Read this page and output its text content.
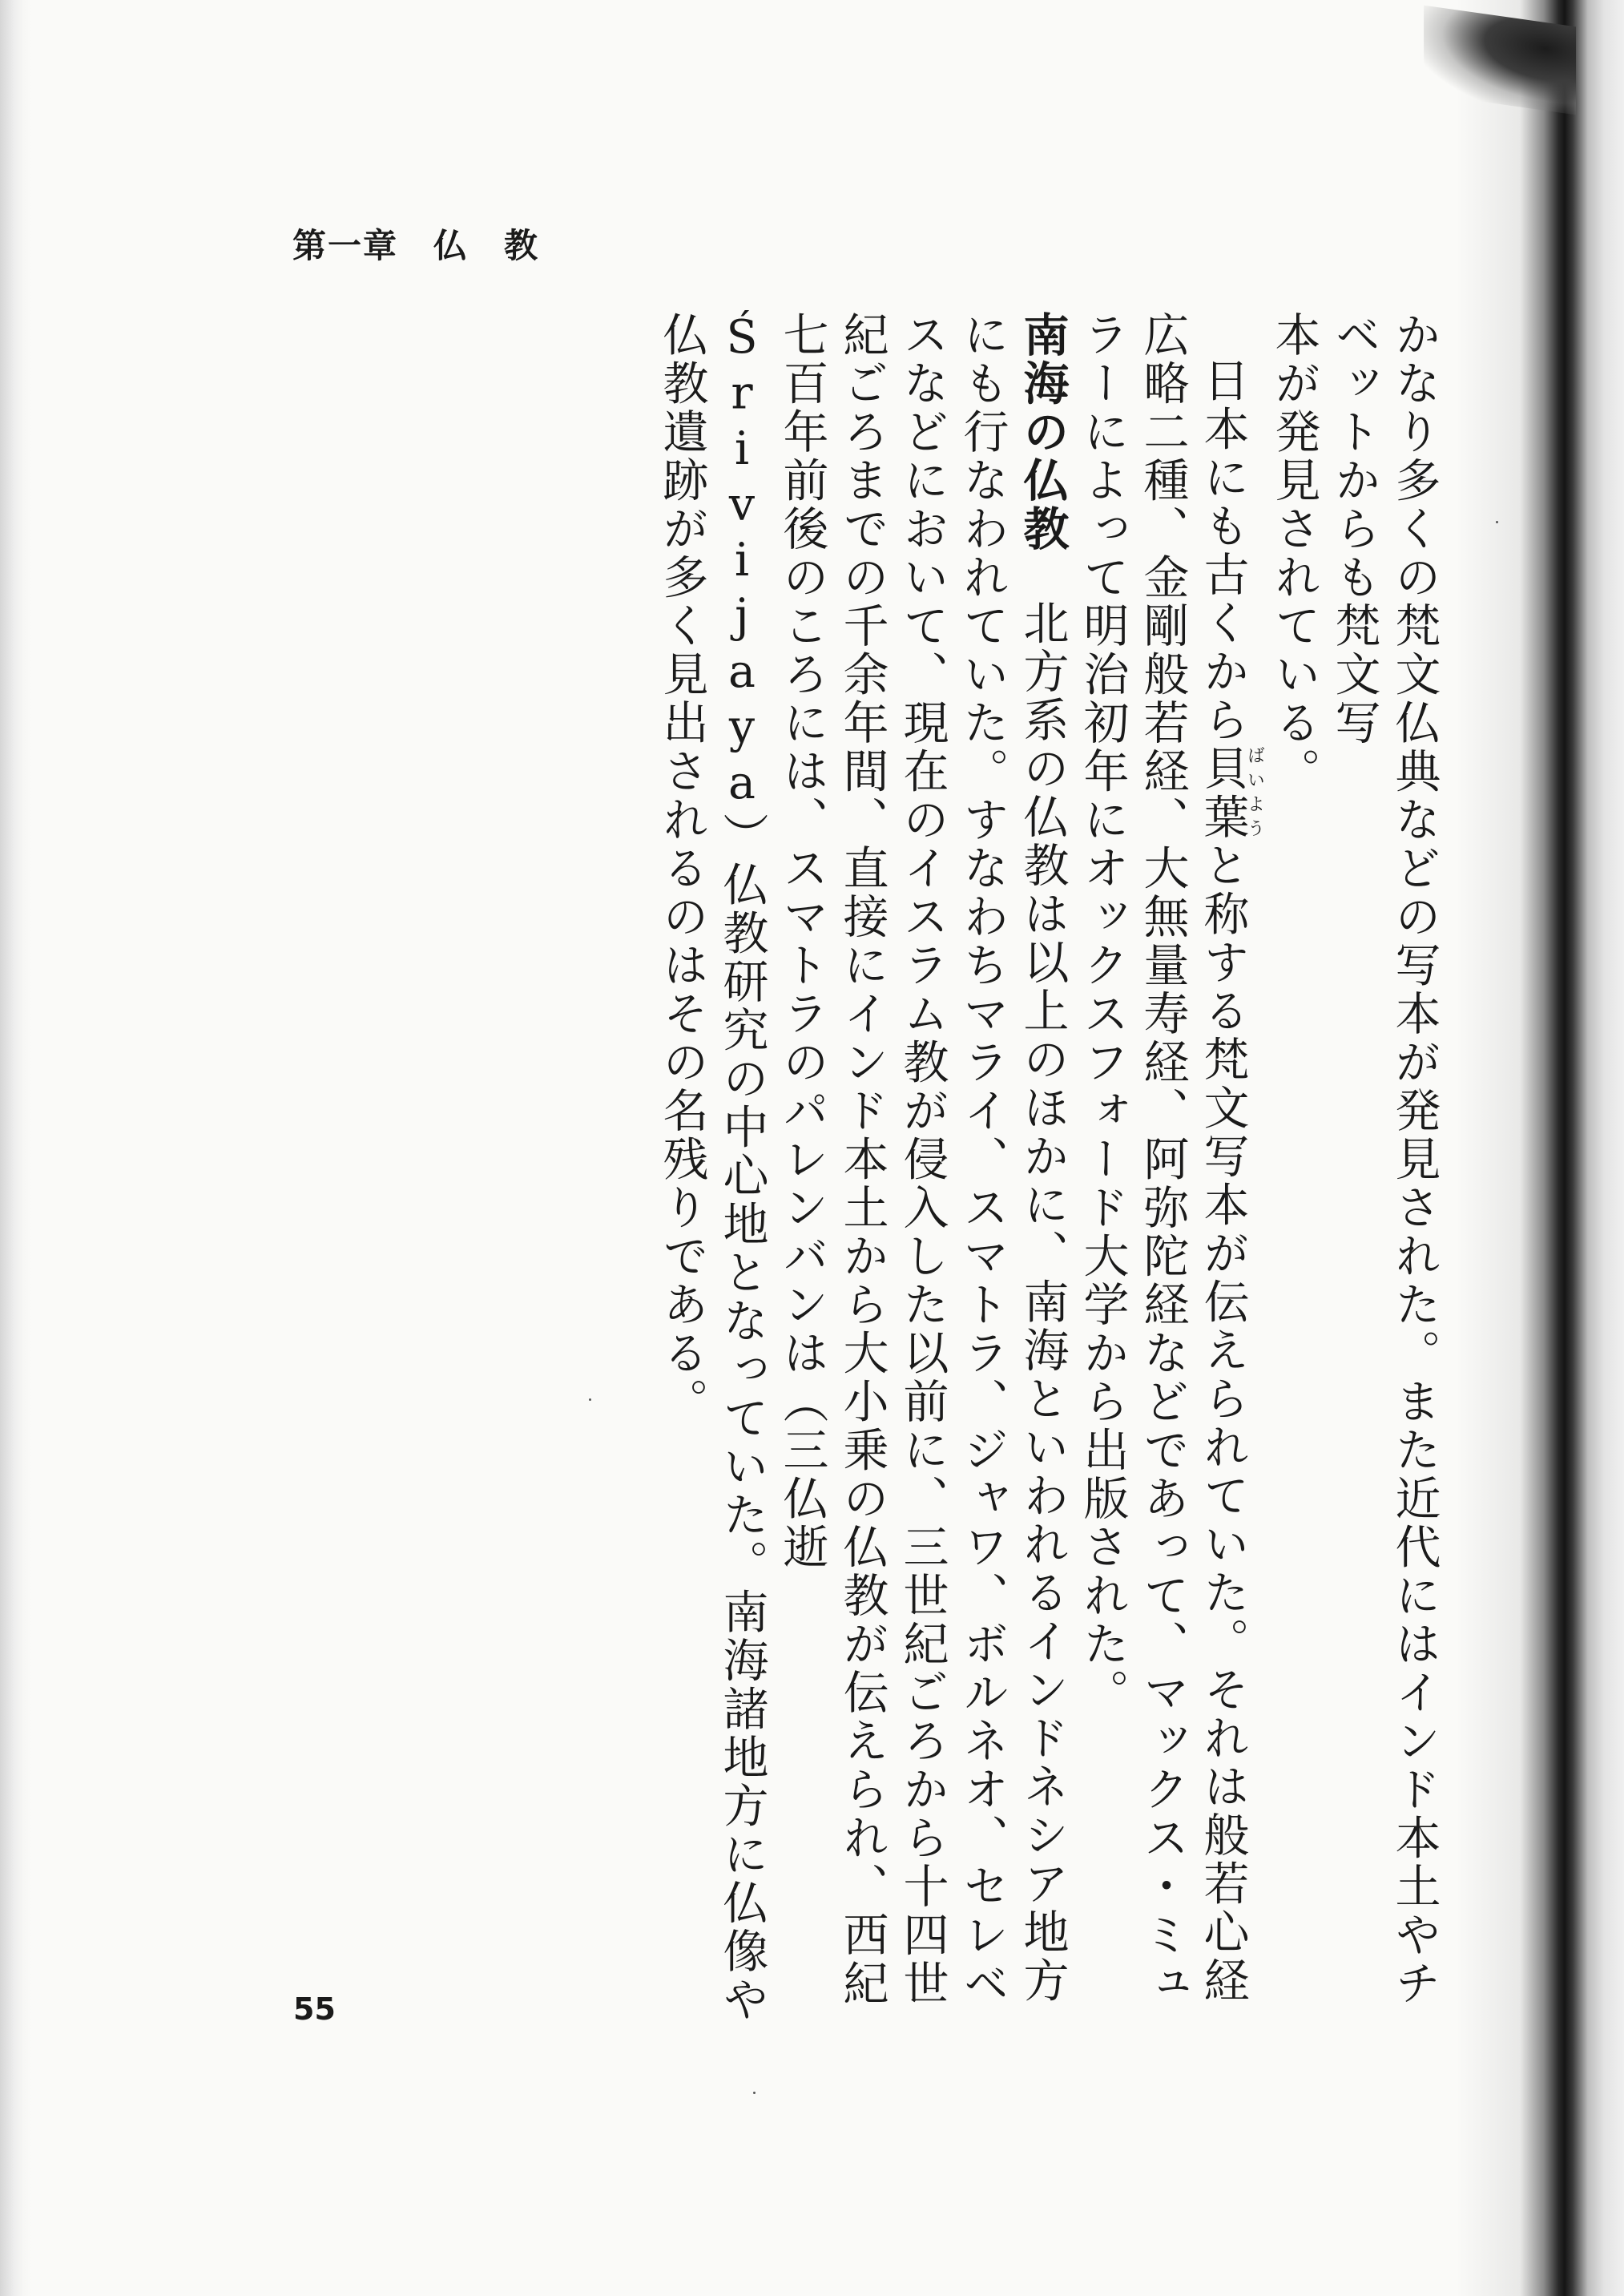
第一章　仏　教

かなり多くの梵文仏典などの写本が発見された。また近代にはインド本土やチベットからも梵文写
本が発見されている。

日本にも古くから貝葉ばいようと称する梵文写本が伝えられていた。それは般若心経広略二種、金剛般若経、大無量寿経、阿弥陀経などであって、マックス・ミュラーによって明治初年にオックスフォード大学から出版された。

南海の仏教北方系の仏教は以上のほかに、南海といわれるインドネシア地方にも行なわれていた。すなわちマライ、スマトラ、ジャワ、ボルネオ、セレベスなどにおいて、現在のイスラム教が侵入した以前に、三世紀ごろから十四世紀ごろまでの千余年間、直接にインド本土から大小乗の仏教が伝えられ、西紀七百年前後のころには、スマトラのパレンバンは（三仏逝 Śrivijaya）仏教研究の中心地となっていた。南海諸地方に仏像や仏教遺跡が多く見出されるのはその名残りである。

55
